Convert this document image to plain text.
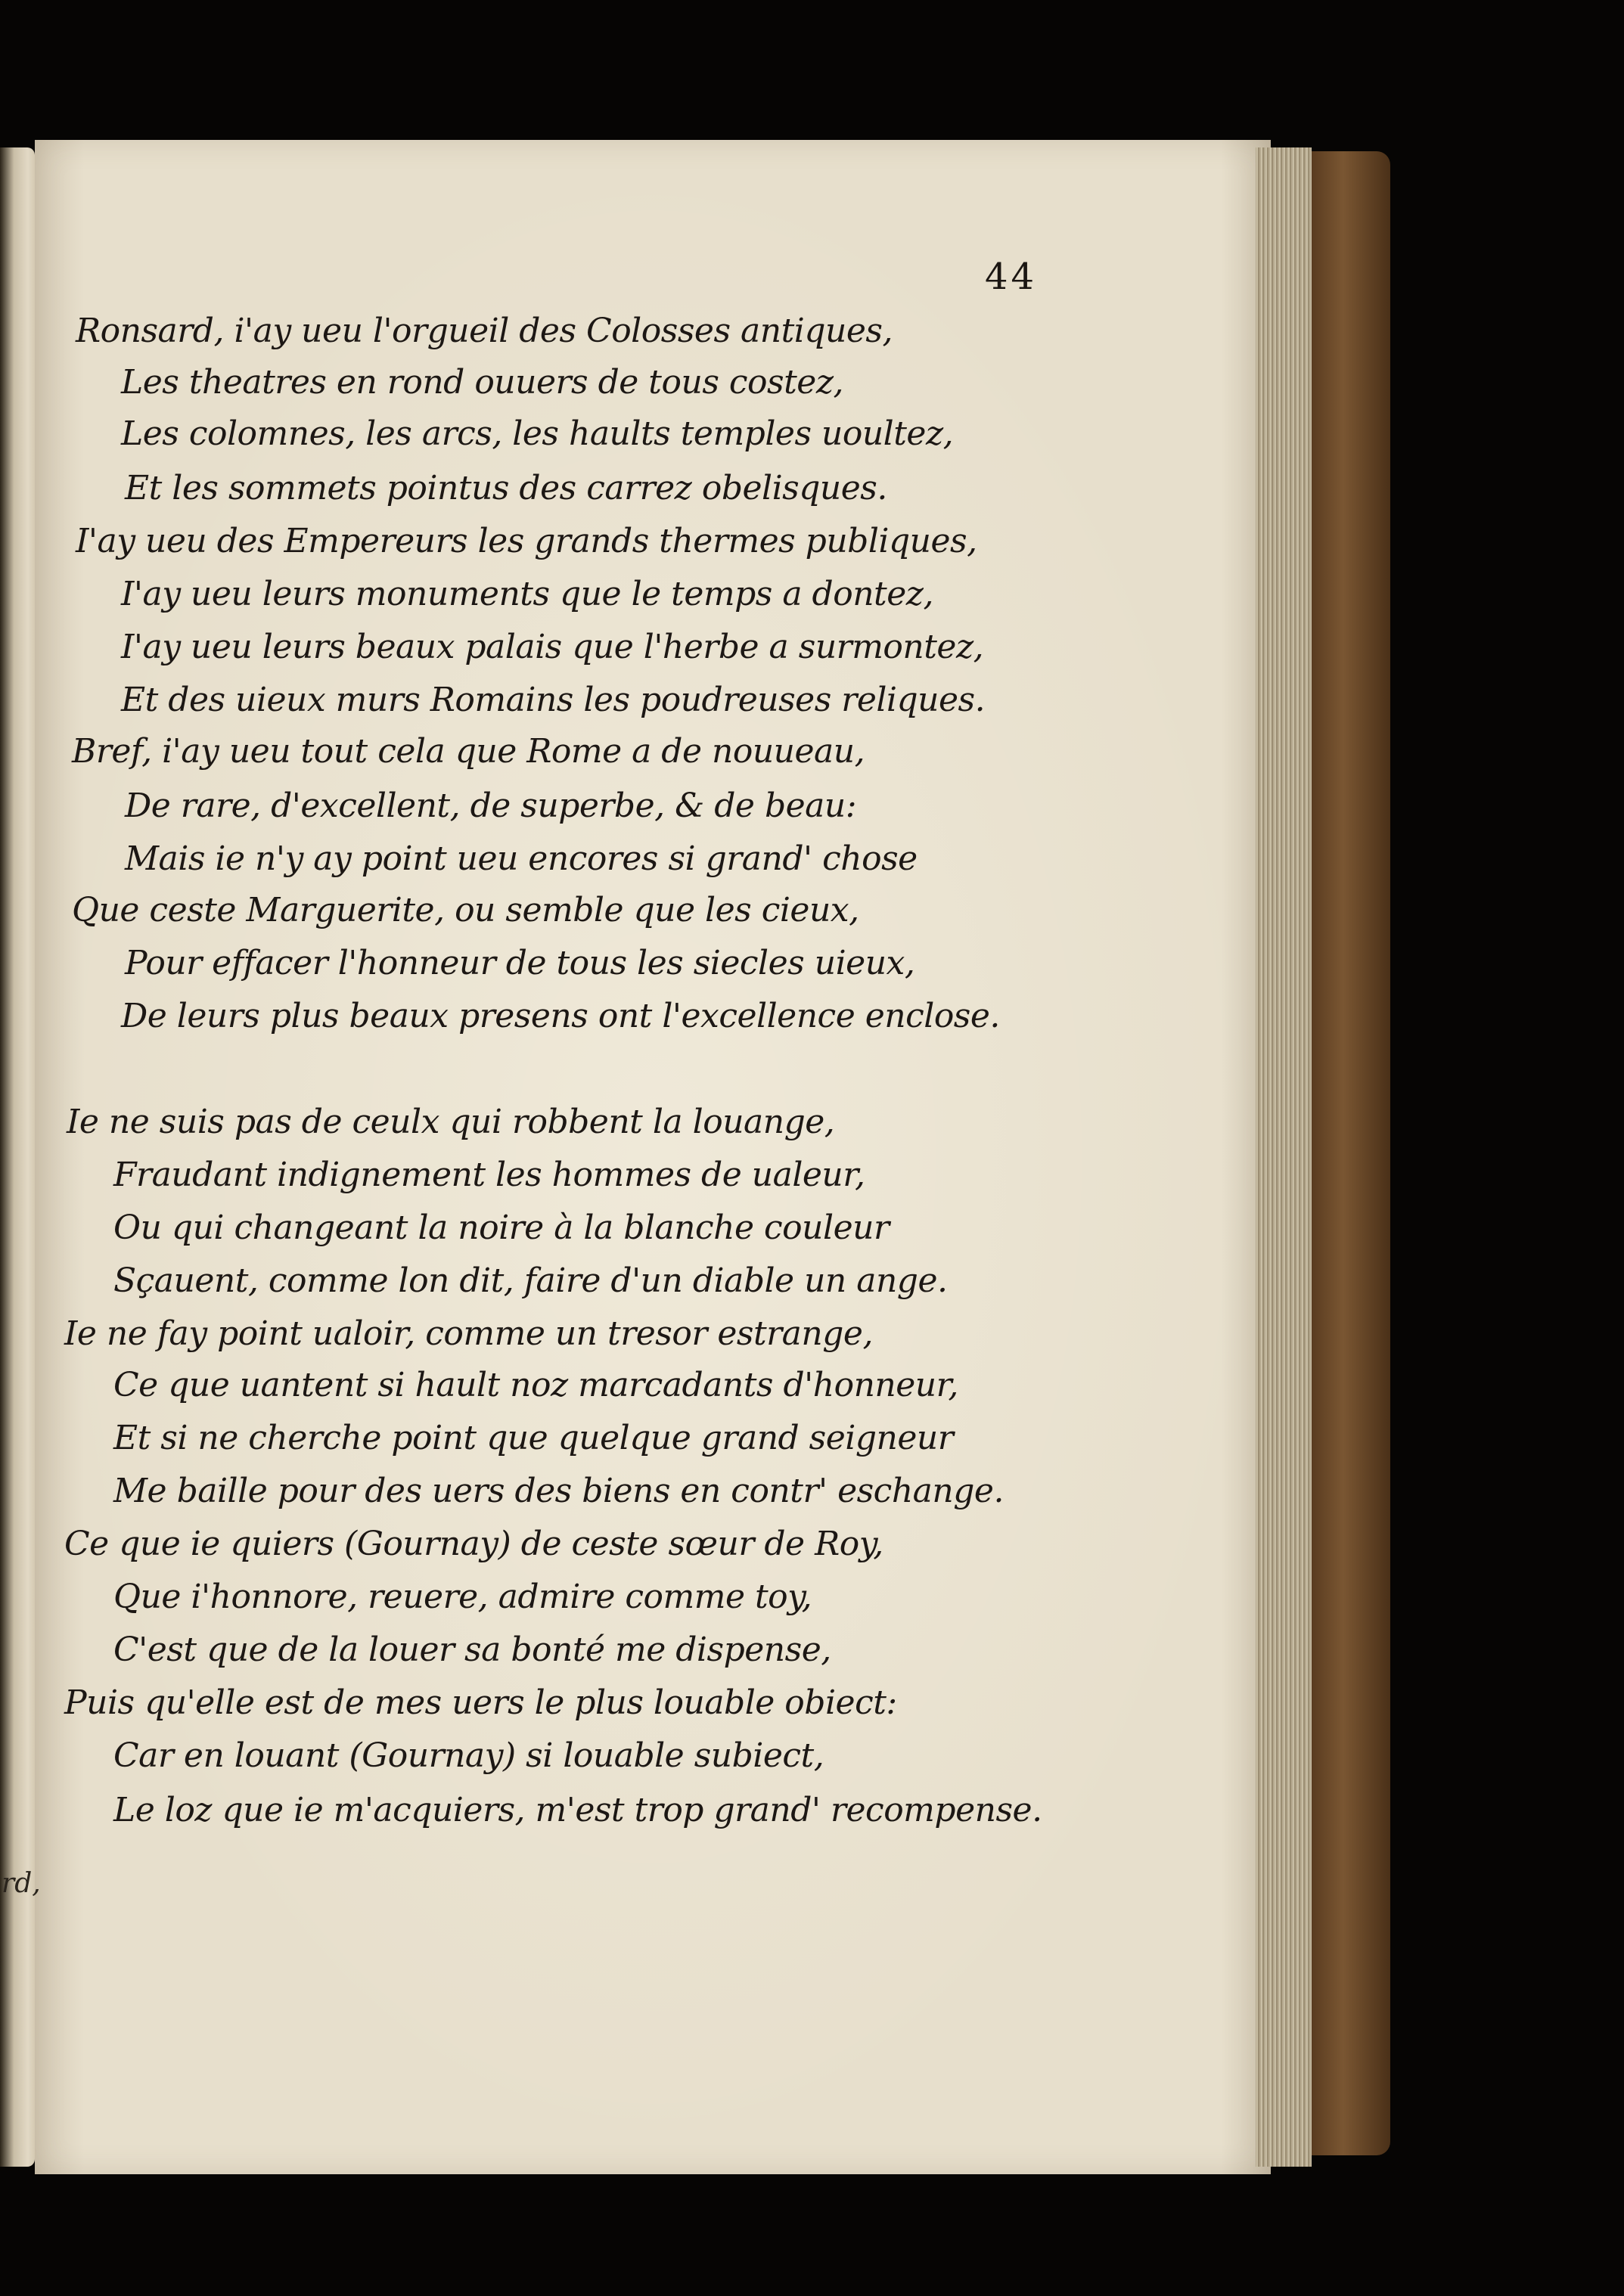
rd,
44
Ronsard, i'ay ueu l'orgueil des Colosses antiques,
Les theatres en rond ouuers de tous costez,
Les colomnes, les arcs, les haults temples uoultez,
Et les sommets pointus des carrez obelisques.
I'ay ueu des Empereurs les grands thermes publiques,
I'ay ueu leurs monuments que le temps a dontez,
I'ay ueu leurs beaux palais que l'herbe a surmontez,
Et des uieux murs Romains les poudreuses reliques.
Bref, i'ay ueu tout cela que Rome a de nouueau,
De rare, d'excellent, de superbe, & de beau:
Mais ie n'y ay point ueu encores si grand' chose
Que ceste Marguerite, ou semble que les cieux,
Pour effacer l'honneur de tous les siecles uieux,
De leurs plus beaux presens ont l'excellence enclose.
Ie ne suis pas de ceulx qui robbent la louange,
Fraudant indignement les hommes de ualeur,
Ou qui changeant la noire à la blanche couleur
Sçauent, comme lon dit, faire d'un diable un ange.
Ie ne fay point ualoir, comme un tresor estrange,
Ce que uantent si hault noz marcadants d'honneur,
Et si ne cherche point que quelque grand seigneur
Me baille pour des uers des biens en contr' eschange.
Ce que ie quiers (Gournay) de ceste sœur de Roy,
Que i'honnore, reuere, admire comme toy,
C'est que de la louer sa bonté me dispense,
Puis qu'elle est de mes uers le plus louable obiect:
Car en louant (Gournay) si louable subiect,
Le loz que ie m'acquiers, m'est trop grand' recompense.
